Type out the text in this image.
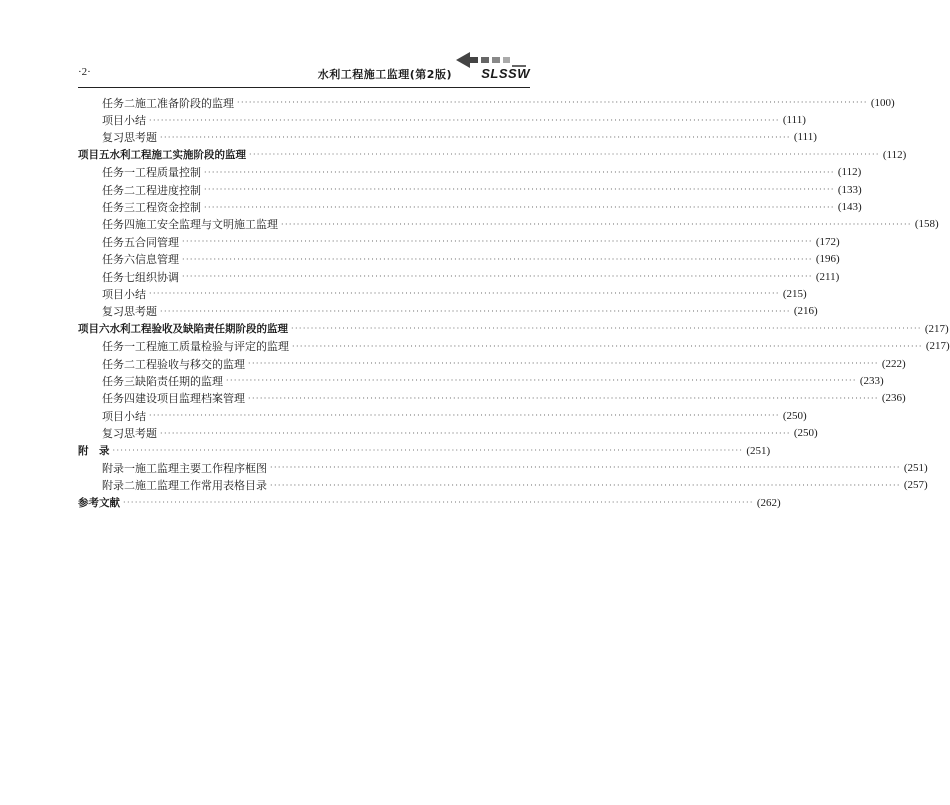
·2·	水利工程施工监理(第2版) SLSSW
任务二 施工准备阶段的监理 ································································································································································ (100)
项目小结 ································································································································································ (111)
复习思考题 ································································································································································ (111)
项目五 水利工程施工实施阶段的监理 ································································································································································ (112)
任务一 工程质量控制 ································································································································································ (112)
任务二 工程进度控制 ································································································································································ (133)
任务三 工程资金控制 ································································································································································ (143)
任务四 施工安全监理与文明施工监理 ································································································································································ (158)
任务五 合同管理 ································································································································································ (172)
任务六 信息管理 ································································································································································ (196)
任务七 组织协调 ································································································································································ (211)
项目小结 ································································································································································ (215)
复习思考题 ································································································································································ (216)
项目六 水利工程验收及缺陷责任期阶段的监理 ································································································································································ (217)
任务一 工程施工质量检验与评定的监理 ································································································································································ (217)
任务二 工程验收与移交的监理 ································································································································································ (222)
任务三 缺陷责任期的监理 ································································································································································ (233)
任务四 建设项目监理档案管理 ································································································································································ (236)
项目小结 ································································································································································ (250)
复习思考题 ································································································································································ (250)
附　录 ································································································································································ (251)
附录一 施工监理主要工作程序框图 ································································································································································ (251)
附录二 施工监理工作常用表格目录 ································································································································································ (257)
参考文献 ································································································································································ (262)
